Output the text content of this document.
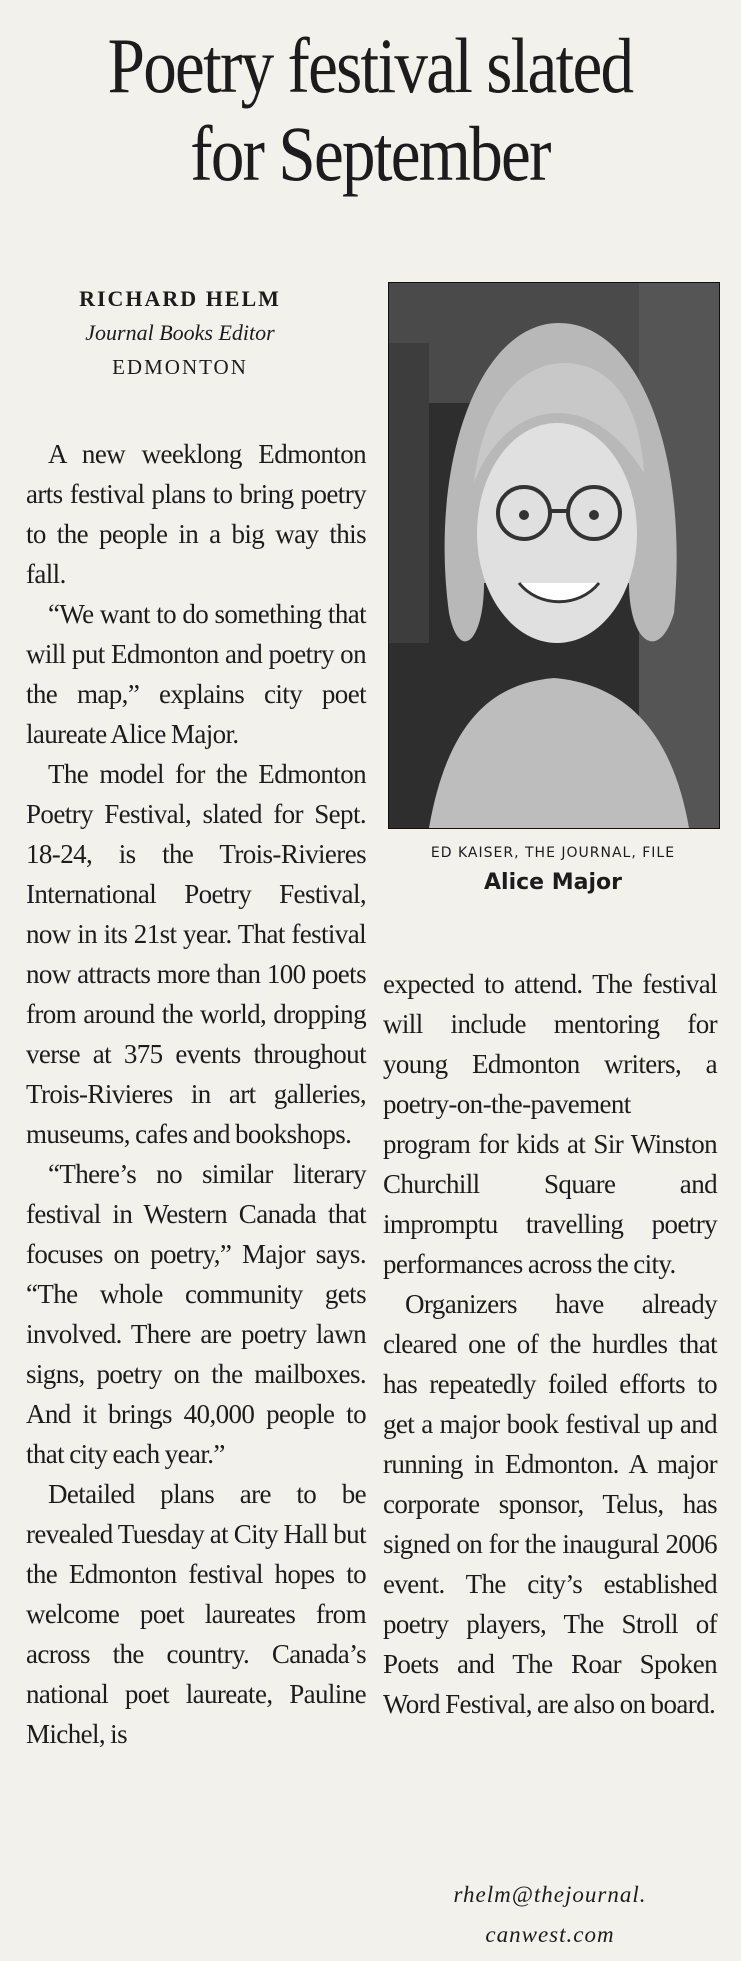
Poetry festival slated
for September
RICHARD HELM
Journal Books Editor
EDMONTON
ED KAISER, THE JOURNAL, FILE
Alice Major

A new weeklong Edmonton arts festival plans to bring poetry to the people in a big way this fall.

“We want to do something that will put Edmonton and poetry on the map,” explains city poet laureate Alice Major.

The model for the Edmonton Poetry Festival, slated for Sept. 18-24, is the Trois-Rivieres International Poetry Festival, now in its 21st year. That festival now attracts more than 100 poets from around the world, dropping verse at 375 events throughout Trois-Rivieres in art galleries, museums, cafes and bookshops.

“There’s no similar literary festival in Western Canada that focuses on poetry,” Major says. “The whole community gets involved. There are poetry lawn signs, poetry on the mailboxes. And it brings 40,000 people to that city each year.”

Detailed plans are to be revealed Tuesday at City Hall but the Edmonton festival hopes to welcome poet laureates from across the country. Canada’s national poet laureate, Pauline Michel, is

expected to attend. The festival will include mentoring for young Edmonton writers, a poetry-on-the-pavement program for kids at Sir Winston Churchill Square and impromptu travelling poetry performances across the city.

Organizers have already cleared one of the hurdles that has repeatedly foiled efforts to get a major book festival up and running in Edmonton. A major corporate sponsor, Telus, has signed on for the inaugural 2006 event. The city’s established poetry players, The Stroll of Poets and The Roar Spoken Word Festival, are also on board.

rhelm@thejournal.
canwest.com
